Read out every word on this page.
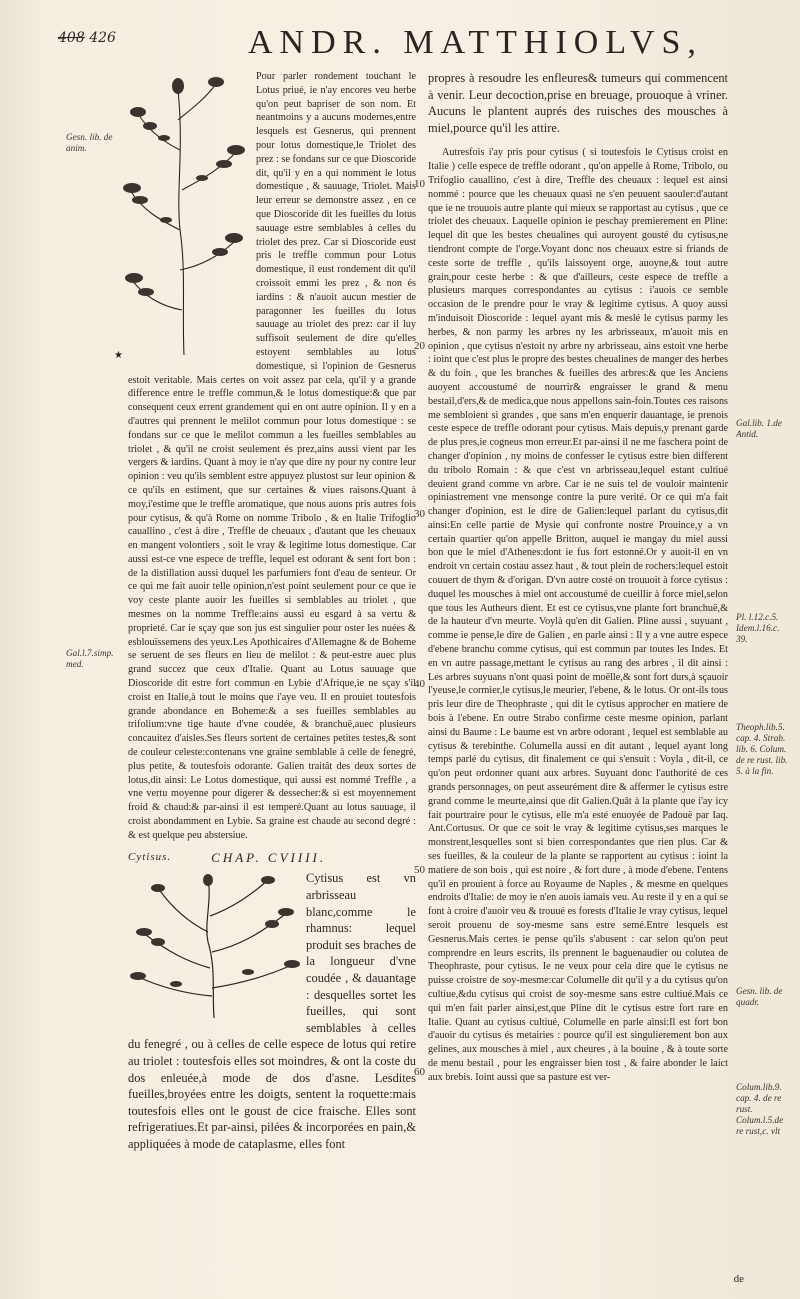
408 426	ANDR. MATTHIOLVS,

Pour parler rondement touchant le Lotus priué, ie n'ay encores veu herbe qu'on peut bapriser de son nom. Et neantmoins y a aucuns modernes,entre lesquels est Gesnerus, qui prennent pour lotus domestique,le Triolet des prez : se fondans sur ce que Dioscoride dit, qu'il y en a qui nomment le lotus domestique , & sauuage, Triolet. Mais leur erreur se demonstre assez , en ce que Dioscoride dit les fueilles du lotus sauuage estre semblables à celles du triolet des prez. Car si Dioscoride eust pris le treffle commun pour Lotus domestique, il eust rondement dit qu'il croissoit emmi les prez , & non és iardins : & n'auoit aucun mestier de paragonner les fueilles du lotus sauuage au triolet des prez: car il luy suffisoit seulement de dire qu'elles estoyent semblables au lotus domestique, si l'opinion de Gesnerus estoit veritable. Mais certes on voit assez par cela, qu'il y a grande difference entre le treffle commun,& le lotus domestique:& que par consequent ceux errent grandement qui en ont autre opinion. Il y en a d'autres qui prennent le melilot commun pour lotus domestique : se fondans sur ce que le melilot commun a les fueilles semblables au triolet , & qu'il ne croist seulement és prez,ains aussi vient par les vergers & iardins. Quant à moy ie n'ay que dire ny pour ny contre leur opinion : veu qu'ils semblent estre appuyez plustost sur leur opinion & ce qu'ils en estiment, que sur certaines & viues raisons.Quant à moy,i'estime que le treffle aromatique, que nous auons pris autres fois pour cytisus, & qu'à Rome on nomme Tribolo , & en Italie Trifoglio cauallino , c'est à dire , Treffle de cheuaux , d'autant que les cheuaux en mangent volontiers , soit le vray & legitime lotus domestique. Car aussi est-ce vne espece de treffle, lequel est odorant & sent fort bon : de la distillation aussi duquel les parfumiers font d'eau de senteur. Or ce qui me fait auoir telle opinion,n'est point seulement pour ce que ie voy ceste plante auoir les fueilles si semblables au triolet , que mesmes on la nomme Treffle:ains aussi eu esgard à sa vertu & proprieté. Car ie sçay que son jus est singulier pour oster les nuées & esblouïssemens des yeux.Les Apothicaires d'Allemagne & de Boheme se seruent de ses fleurs en lieu de melilot : & peut-estre auec plus grand succez que ceux d'Italie. Quant au Lotus sauuage que Dioscoride dit estre fort commun en Lybie d'Afrique,ie ne sçay s'il croist en Italie,à tout le moins que i'aye veu. Il en prouiet toutesfois grande abondance en Boheme:& a ses fueilles semblables au trifolium:vne tige haute d'vne coudée, & branchuë,auec plusieurs concauitez d'aisles.Ses fleurs sortent de certaines petites testes,& sont de couleur celeste:contenans vne graine semblable à celle de fenegré, plus petite, & toutesfois odorante. Galien traitât des deux sortes de lotus,dit ainsi: Le Lotus domestique, qui aussi est nommé Treffle , a vne vertu moyenne pour digerer & dessecher:& si est moyennement froid & chaud:& par-ainsi il est temperé.Quant au lotus sauuage, il croist abondamment en Lybie. Sa graine est chaude au second degré : & est quelque peu abstersiue.

Cytisus.	CHAP. CVIIII.

Cytisus est vn arbrisseau blanc,comme le rhamnus: lequel produit ses braches de la longueur d'vne coudée , & dauantage : desquelles sortet les fueilles, qui sont semblables à celles du fenegré , ou à celles de celle espece de lotus qui retire au triolet : toutesfois elles sot moindres, & ont la coste du dos enleuée,à mode de dos d'asne. Lesdites fueilles,broyées entre les doigts, sentent la roquette:mais toutesfois elles ont le goust de cice fraische. Elles sont refrigeratiues.Et par-ainsi, pilées & incorporées en pain,& appliquées à mode de cataplasme, elles font

propres à resoudre les enfleures& tumeurs qui commencent à venir. Leur decoction,prise en breuage, prouoque à vriner. Aucuns le plantent auprés des ruisches des mousches à miel,pource qu'il les attire.

Autresfois i'ay pris pour cytisus ( si toutesfois le Cytisus croist en Italie ) celle espece de treffle odorant , qu'on appelle à Rome, Tribolo, ou Trifoglio cauallino, c'est à dire, Treffle des cheuaux : lequel est ainsi nommé : pource que les cheuaux quasi ne s'en peuuent saouler:d'autant que ie ne trouuois autre plante qui mieux se rapportast au cytisus , que ce triolet des cheuaux. Laquelle opinion ie peschay premierement en Pline: lequel dit que les bestes cheualines qui auroyent gousté du cytisus,ne tiendront compte de l'orge.Voyant donc nos cheuaux estre si friands de ceste sorte de treffle , qu'ils laissoyent orge, auoyne,& tout autre grain,pour ceste herbe : & que d'ailleurs, ceste espece de treffle a plusieurs marques correspondantes au cytisus : i'auois ce semble occasion de le prendre pour le vray & legitime cytisus. A quoy aussi m'induisoit Dioscoride : lequel ayant mis & meslé le cytisus parmy les herbes, & non parmy les arbres ny les arbrisseaux, m'auoit mis en opinion , que cytisus n'estoit ny arbre ny arbrisseau, ains estoit vne herbe : ioint que c'est plus le propre des bestes cheualines de manger des herbes & du foin , que les branches & fueilles des arbres:& que les Anciens auoyent accoustumé de nourrir& engraisser le grand & menu bestail,d'ers,& de medica,que nous appellons sain-foin.Toutes ces raisons me sembloient si grandes , que sans m'en enquerir dauantage, ie prenois ceste espece de treffle odorant pour cytisus. Mais depuis,y prenant garde de plus pres,ie cogneus mon erreur.Et par-ainsi il ne me faschera point de changer d'opinion , ny moins de confesser le cytisus estre bien different du tribolo Romain : & que c'est vn arbrisseau,lequel estant cultiué deuient grand comme vn arbre. Car ie ne suis tel de vouloir maintenir opiniastrement vne mensonge contre la pure verité. Or ce qui m'a fait changer d'opinion, est le dire de Galien:lequel parlant du cytisus,dit ainsi:En celle partie de Mysie qui confronte nostre Prouince,y a vn certain quartier qu'on appelle Britton, auquel ie mangay du miel aussi bon que le miel d'Athenes:dont ie fus fort estonné.Or y auoit-il en vn endroit vn certain costau assez haut , & tout plein de rochers:lequel estoit couuert de thym & d'origan. D'vn autre costé on trouuoit à force cytisus : duquel les mousches à miel ont accoustumé de cueillir à force miel,selon que tous les Autheurs dient. Et est ce cytisus,vne plante fort branchuë,& de la hauteur d'vn meurte. Voylà qu'en dit Galien. Pline aussi , suyuant , comme ie pense,le dire de Galien , en parle ainsi : Il y a vne autre espece d'ebene branchu comme cytisus, qui est commun par toutes les Indes. Et en vn autre passage,mettant le cytisus au rang des arbres , il dit ainsi : Les arbres suyuans n'ont quasi point de moëlle,& sont fort durs,à sçauoir l'yeuse,le cormier,le cytisus,le meurier, l'ebene, & le lotus. Or ont-ils tous pris leur dire de Theophraste , qui dit le cytisus approcher en matiere de bois à l'ebene. En outre Strabo confirme ceste mesme opinion, parlant ainsi du Baume : Le baume est vn arbre odorant , lequel est semblable au cytisus & terebinthe. Columella aussi en dit autant , lequel ayant long temps parlé du cytisus, dit finalement ce qui s'ensuit : Voyla , dit-il, ce qu'on peut ordonner quant aux arbres. Suyuant donc l'authorité de ces grands personnages, on peut asseurément dire & affermer le cytisus estre grand comme le meurte,ainsi que dit Galien.Quât à la plante que i'ay icy fait pourtraire pour le cytisus, elle m'a esté enuoyée de Padouë par Iaq. Ant.Cortusus. Or que ce soit le vray & legitime cytisus,ses marques le monstrent,lesquelles sont si bien correspondantes que rien plus. Car & ses fueilles, & la couleur de la plante se rapportent au cytisus : ioint la matiere de son bois , qui est noire , & fort dure , à mode d'ebene. I'entens qu'il en prouient à force au Royaume de Naples , & mesme en quelques endroits d'Italie: de moy ie n'en auois iamais veu. Au reste il y en a qui se font à croire d'auoir veu & trouué es forests d'Italie le vray cytisus, lequel seroit prouenu de soy-mesme sans estre semé.Entre lesquels est Gesnerus.Mais certes ie pense qu'ils s'abusent : car selon qu'on peut comprendre en leurs escrits, ils prennent le baguenaudier ou colutea de Theophraste, pour cytisus. Ie ne veux pour cela dire que le cytisus ne puisse croistre de soy-mesme:car Columelle dit qu'il y a du cytisus qu'on cultiue,&du cytisus qui croist de soy-mesme sans estre cultiué.Mais ce qui m'en fait parler ainsi,est,que Pline dit le cytisus estre fort rare en Italie. Quant au cytisus cultiué, Columelle en parle ainsi:Il est fort bon d'auoir du cytisus és metairies : pource qu'il est singulierement bon aux gelines, aux mousches à miel , aux cheures , à la bouine , & à toute sorte de menu bestail , pour les engraisser bien tost , & faire abonder le laict aux brebis. Ioint aussi que sa pasture est ver-

de
Gesn. lib. de anim.
Gal.l.7.simp. med.
Gal.lib. 1.de Antid.
Pl. l.12.c.5. Idem.l.16.c. 39.
Theoph.lib.5. cap. 4. Strab. lib. 6. Colum. de re rust. lib. 5. à la fin.
Gesn. lib. de quadr.
Colum.lib.9. cap. 4. de re rust. Colum.l.5.de re rust,c. vlt
10
20
30
40
50
60
★
